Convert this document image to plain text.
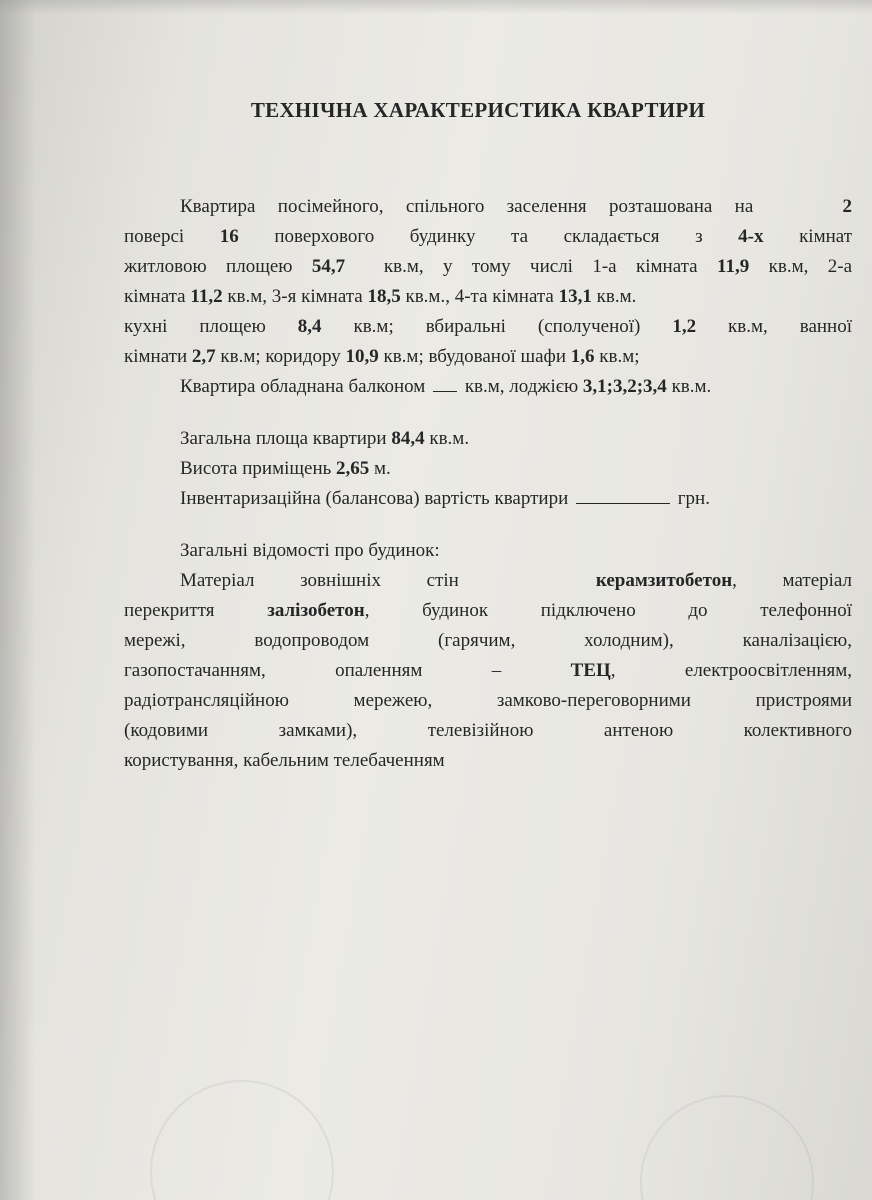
ТЕХНІЧНА ХАРАКТЕРИСТИКА КВАРТИРИ
Квартира посімейного, спільного заселення розташована на	2
поверсі 16 поверхового будинку та складається з 4-х кімнат
житловою площею 54,7 кв.м, у тому числі 1-а кімната 11,9 кв.м, 2-а
кімната 11,2 кв.м, 3-я кімната 18,5 кв.м., 4-та кімната 13,1 кв.м.
кухні площею 8,4 кв.м; вбиральні (сполученої) 1,2 кв.м, ванної
кімнати 2,7 кв.м; коридору 10,9 кв.м; вбудованої шафи 1,6 кв.м;
Квартира обладнана балконом кв.м, лоджією 3,1;3,2;3,4 кв.м.
Загальна площа квартири 84,4 кв.м.
Висота приміщень 2,65 м.
Інвентаризаційна (балансова) вартість квартири	грн.
Загальні відомості про будинок:
Матеріал зовнішніх стін	керамзитобетон, матеріал
перекриття	залізобетон, будинок підключено до телефонної
мережі, водопроводом (гарячим, холодним), каналізацією,
газопостачанням, опаленням –	ТЕЦ, електроосвітленням,
радіотрансляційною мережею, замково-переговорними пристроями
(кодовими замками), телевізійною антеною колективного
користування, кабельним телебаченням
